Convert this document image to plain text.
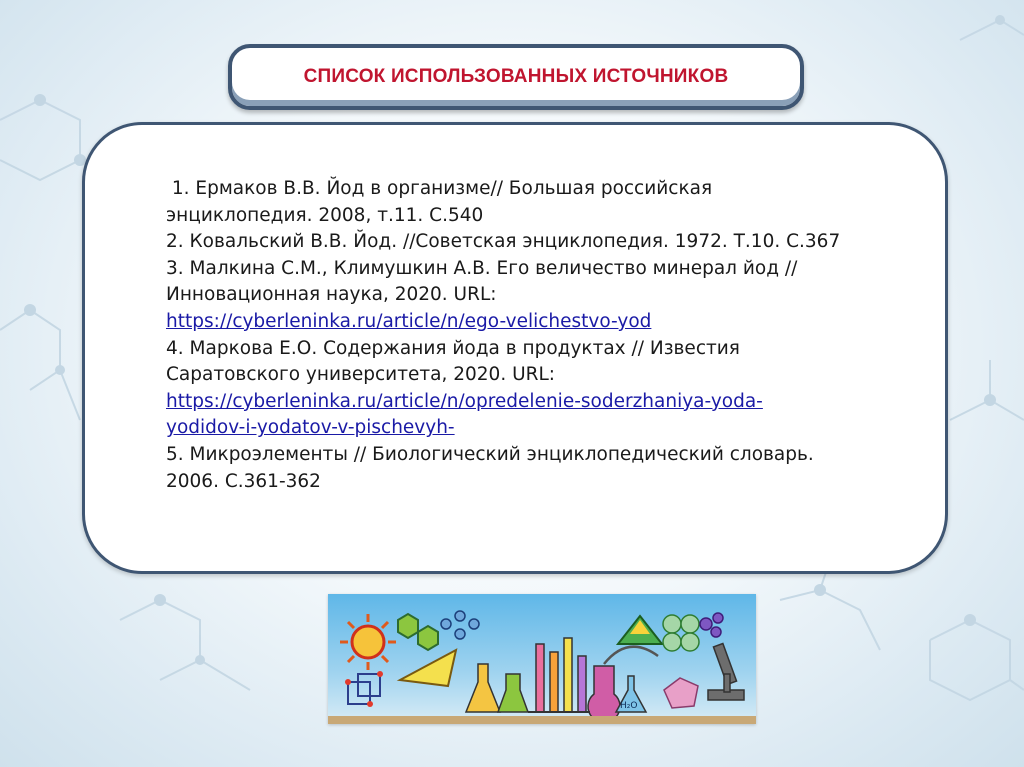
СПИСОК ИСПОЛЬЗОВАННЫХ ИСТОЧНИКОВ

1. Ермаков В.В. Йод в организме// Большая российская

энциклопедия. 2008, т.11. С.540

2. Ковальский В.В. Йод. //Советская энциклопедия. 1972. Т.10. С.367

3. Малкина С.М., Климушкин А.В. Его величество минерал йод //

Инновационная наука, 2020. URL:

https://cyberleninka.ru/article/n/ego-velichestvo-yod

4. Маркова Е.О. Содержания йода в продуктах // Известия

Саратовского университета, 2020. URL:

https://cyberleninka.ru/article/n/opredelenie-soderzhaniya-yoda-

yodidov-i-yodatov-v-pischevyh-

5. Микроэлементы // Биологический энциклопедический словарь.

2006. С.361-362

H₂O
